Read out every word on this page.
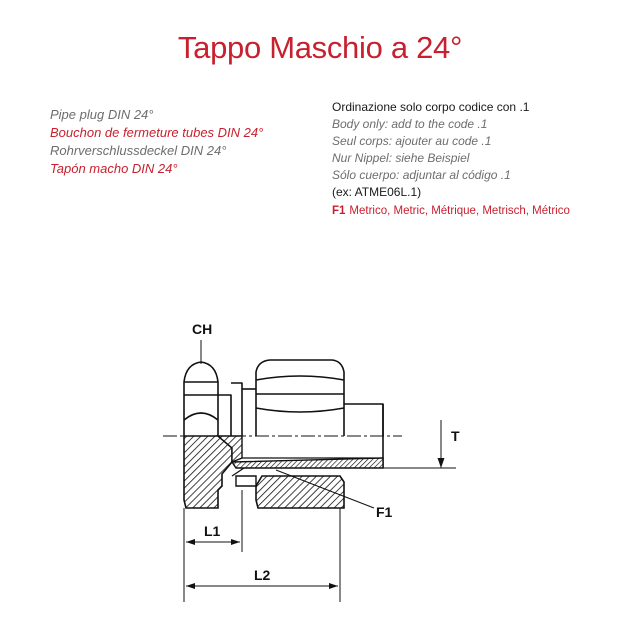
Tappo Maschio a 24°
Pipe plug DIN 24°
Bouchon de fermeture tubes DIN 24°
Rohrverschlussdeckel DIN 24°
Tapón macho DIN 24°
Ordinazione solo corpo codice con .1
Body only: add to the code .1
Seul corps: ajouter au code .1
Nur Nippel: siehe Beispiel
Sólo cuerpo: adjuntar al código .1
(ex: ATME06L.1)
F1 Metrico, Metric, Métrique, Metrisch, Métrico
T
CH
F1
L1
L2
